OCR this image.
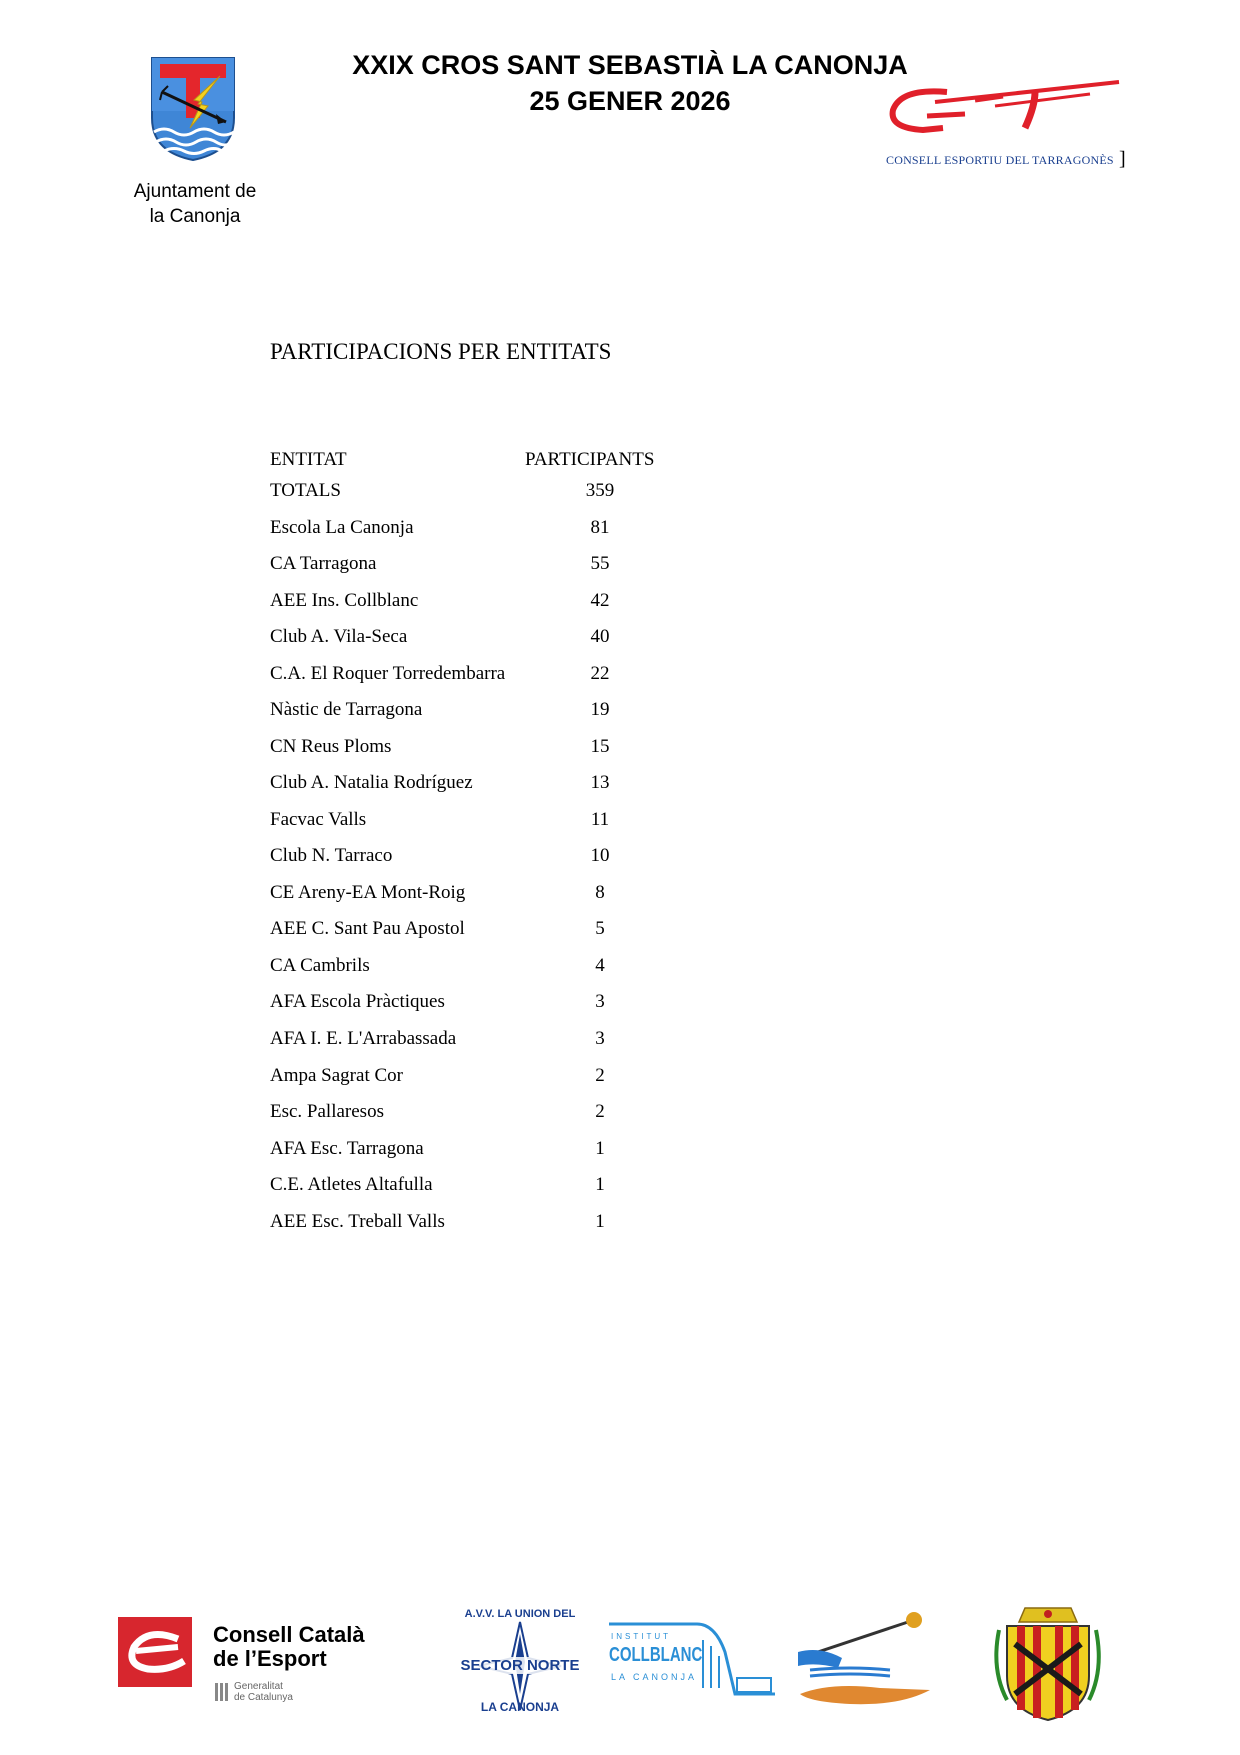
XXIX CROS SANT SEBASTIÀ LA CANONJA
25 GENER 2026
Ajuntament de
la Canonja
CONSELL ESPORTIU DEL TARRAGONÈS ]
PARTICIPACIONS PER ENTITATS
ENTITAT	PARTICIPANTS
TOTALS	359
Escola La Canonja	81
CA Tarragona	55
AEE Ins. Collblanc	42
Club A. Vila-Seca	40
C.A. El Roquer Torredembarra	22
Nàstic de Tarragona	19
CN Reus Ploms	15
Club A. Natalia Rodríguez	13
Facvac Valls	11
Club N. Tarraco	10
CE Areny-EA Mont-Roig	8
AEE C. Sant Pau Apostol	5
CA Cambrils	4
AFA Escola Pràctiques	3
AFA I. E. L'Arrabassada	3
Ampa Sagrat Cor	2
Esc. Pallaresos	2
AFA Esc. Tarragona	1
C.E. Atletes Altafulla	1
AEE Esc. Treball Valls	1
Consell Català
de l’Esport
Generalitat
de Catalunya
A.V.V. LA UNION DEL
SECTOR NORTE
LA CANONJA
INSTITUT
COLLBLANC
LA CANONJA
